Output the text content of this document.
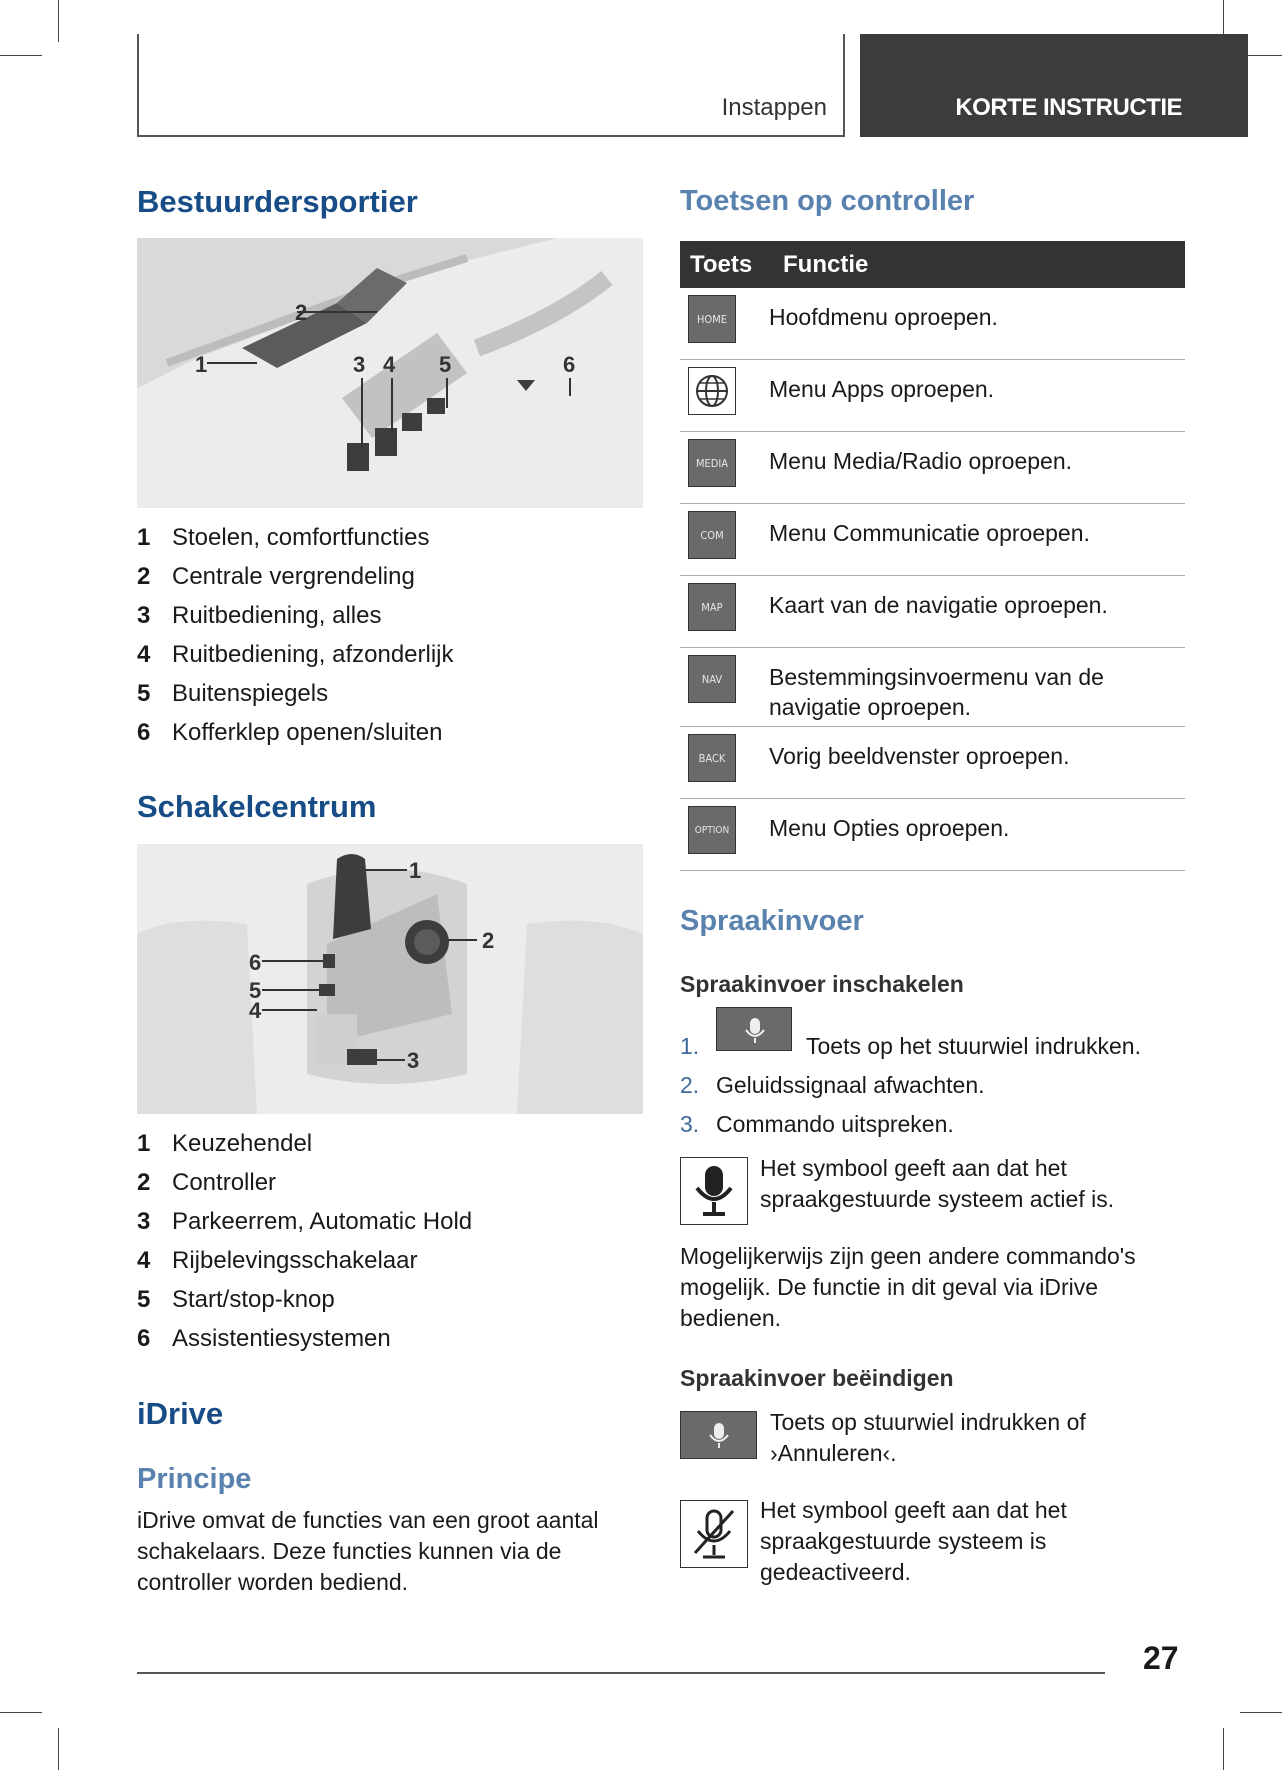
Instappen	KORTE INSTRUCTIE
Bestuurdersportier
1
2
3 4 5	6
1 Stoelen, comfortfuncties
2 Centrale vergrendeling
3 Ruitbediening, alles
4 Ruitbediening, afzonderlijk
5 Buitenspiegels
6 Kofferklep openen/sluiten
Schakelcentrum
1
2
3
4
5
6
1 Keuzehendel
2 Controller
3 Parkeerrem, Automatic Hold
4 Rijbelevingsschakelaar
5 Start/stop-knop
6 Assistentiesystemen
iDrive
Principe

iDrive omvat de functies van een groot aantal schakelaars. Deze functies kunnen via de controller worden bediend.

Toetsen op controller
Toets	Functie
HOME	Hoofdmenu oproepen.
Menu Apps oproepen.
MEDIA	Menu Media/Radio oproepen.
COM	Menu Communicatie oproepen.
MAP	Kaart van de navigatie oproepen.
NAV	Bestemmingsinvoermenu van de navigatie oproepen.
BACK	Vorig beeldvenster oproepen.
OPTION Menu Opties oproepen.
Spraakinvoer
Spraakinvoer inschakelen
1.	Toets op het stuurwiel indrukken.
2. Geluidssignaal afwachten.
3. Commando uitspreken.

Het symbool geeft aan dat het spraakgestuurde systeem actief is.

Mogelijkerwijs zijn geen andere commando's mogelijk. De functie in dit geval via iDrive bedienen.

Spraakinvoer beëindigen

Toets op stuurwiel indrukken of ›Annuleren‹.

Het symbool geeft aan dat het spraakgestuurde systeem is gedeactiveerd.

27
